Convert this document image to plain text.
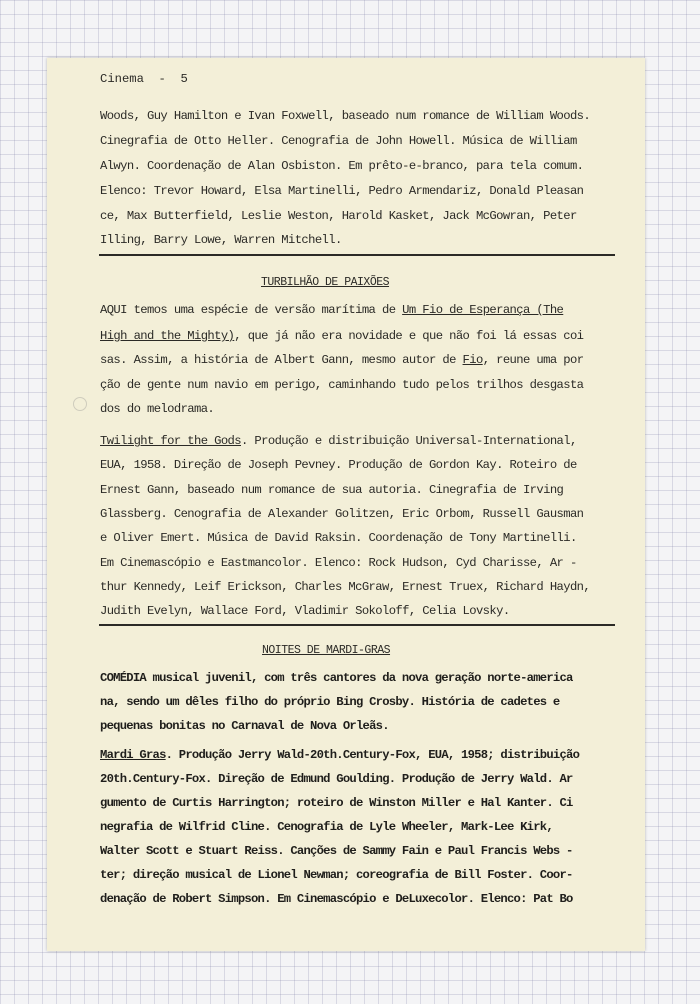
Cinema  -  5
Woods, Guy Hamilton e Ivan Foxwell, baseado num romance de William Woods.
Cinegrafia de Otto Heller. Cenografia de John Howell. Música de William
Alwyn. Coordenação de Alan Osbiston. Em prêto-e-branco, para tela comum.
Elenco: Trevor Howard, Elsa Martinelli, Pedro Armendariz, Donald Pleasan
ce, Max Butterfield, Leslie Weston, Harold Kasket, Jack McGowran, Peter
Illing, Barry Lowe, Warren Mitchell.
TURBILHÃO DE PAIXÕES
AQUI temos uma espécie de versão marítima de Um Fio de Esperança (The
High and the Mighty), que já não era novidade e que não foi lá essas coi
sas. Assim, a história de Albert Gann, mesmo autor de Fio, reune uma por
ção de gente num navio em perigo, caminhando tudo pelos trilhos desgasta
dos do melodrama.
Twilight for the Gods. Produção e distribuição Universal-International,
EUA, 1958. Direção de Joseph Pevney. Produção de Gordon Kay. Roteiro de
Ernest Gann, baseado num romance de sua autoria. Cinegrafia de Irving
Glassberg. Cenografia de Alexander Golitzen, Eric Orbom, Russell Gausman
e Oliver Emert. Música de David Raksin. Coordenação de Tony Martinelli.
Em Cinemascópio e Eastmancolor. Elenco: Rock Hudson, Cyd Charisse, Ar -
thur Kennedy, Leif Erickson, Charles McGraw, Ernest Truex, Richard Haydn,
Judith Evelyn, Wallace Ford, Vladimir Sokoloff, Celia Lovsky.
NOITES DE MARDI-GRAS
COMÉDIA musical juvenil, com três cantores da nova geração norte-america
na, sendo um dêles filho do próprio Bing Crosby. História de cadetes e
pequenas bonitas no Carnaval de Nova Orleãs.
Mardi Gras. Produção Jerry Wald-20th.Century-Fox, EUA, 1958; distribuição
20th.Century-Fox. Direção de Edmund Goulding. Produção de Jerry Wald. Ar
gumento de Curtis Harrington; roteiro de Winston Miller e Hal Kanter. Ci
negrafia de Wilfrid Cline. Cenografia de Lyle Wheeler, Mark-Lee Kirk,
Walter Scott e Stuart Reiss. Canções de Sammy Fain e Paul Francis Webs -
ter; direção musical de Lionel Newman; coreografia de Bill Foster. Coor-
denação de Robert Simpson. Em Cinemascópio e DeLuxecolor. Elenco: Pat Bo
